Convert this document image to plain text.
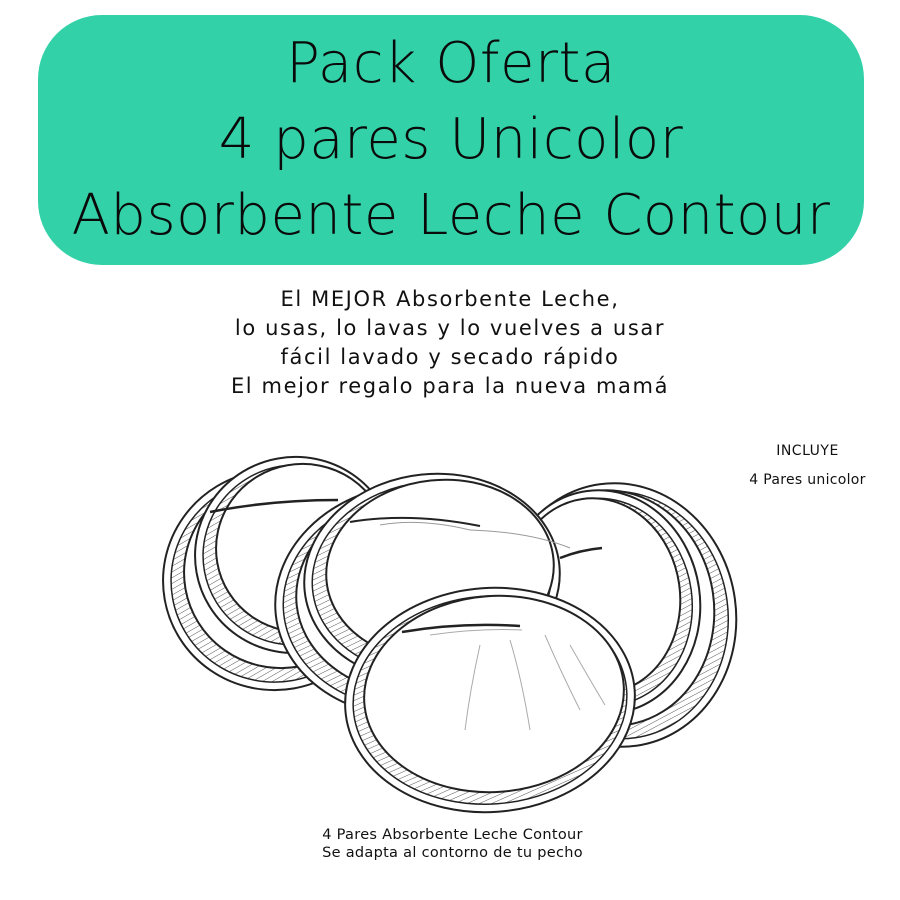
Pack Oferta
4 pares Unicolor
Absorbente Leche Contour
El MEJOR Absorbente Leche,
lo usas, lo lavas y lo vuelves a usar
fácil lavado y secado rápido
El mejor regalo para la nueva mamá
INCLUYE
4 Pares unicolor
4 Pares Absorbente Leche Contour
Se adapta al contorno de tu pecho
